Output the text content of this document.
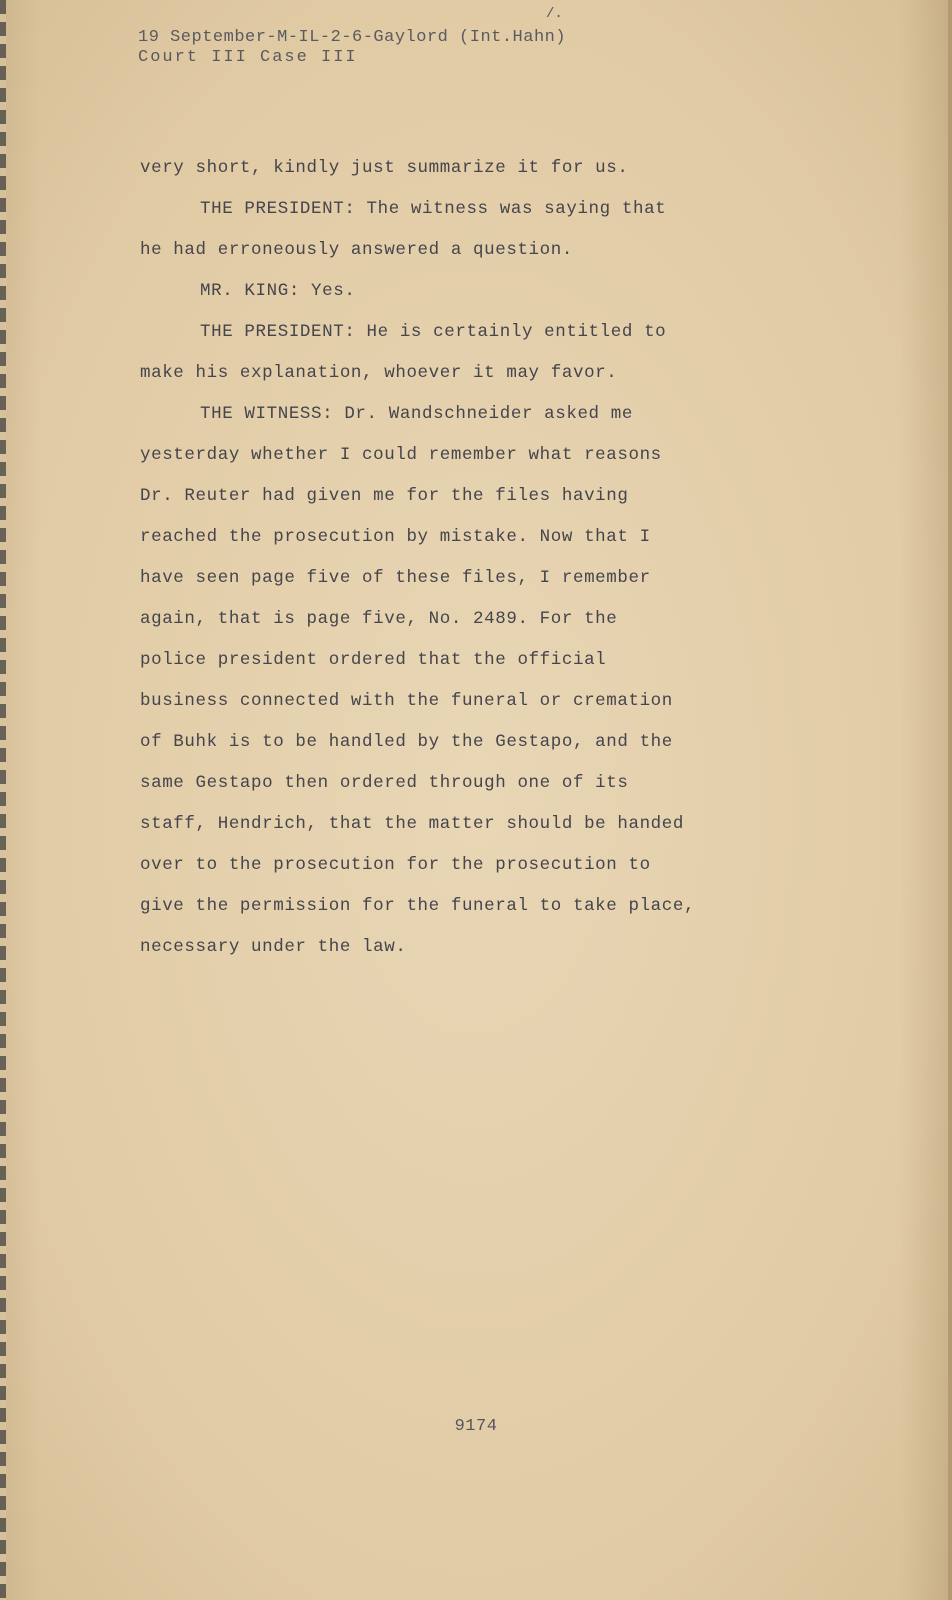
/.
19 September-M-IL-2-6-Gaylord (Int.Hahn)
Court III Case III
very short, kindly just summarize it for us.
THE PRESIDENT: The witness was saying that
he had erroneously answered a question.
MR. KING: Yes.
THE PRESIDENT: He is certainly entitled to
make his explanation, whoever it may favor.
THE WITNESS: Dr. Wandschneider asked me
yesterday whether I could remember what reasons
Dr. Reuter had given me for the files having
reached the prosecution by mistake. Now that I
have seen page five of these files, I remember
again, that is page five, No. 2489. For the
police president ordered that the official
business connected with the funeral or cremation
of Buhk is to be handled by the Gestapo, and the
same Gestapo then ordered through one of its
staff, Hendrich, that the matter should be handed
over to the prosecution for the prosecution to
give the permission for the funeral to take place,
necessary under the law.
9174
